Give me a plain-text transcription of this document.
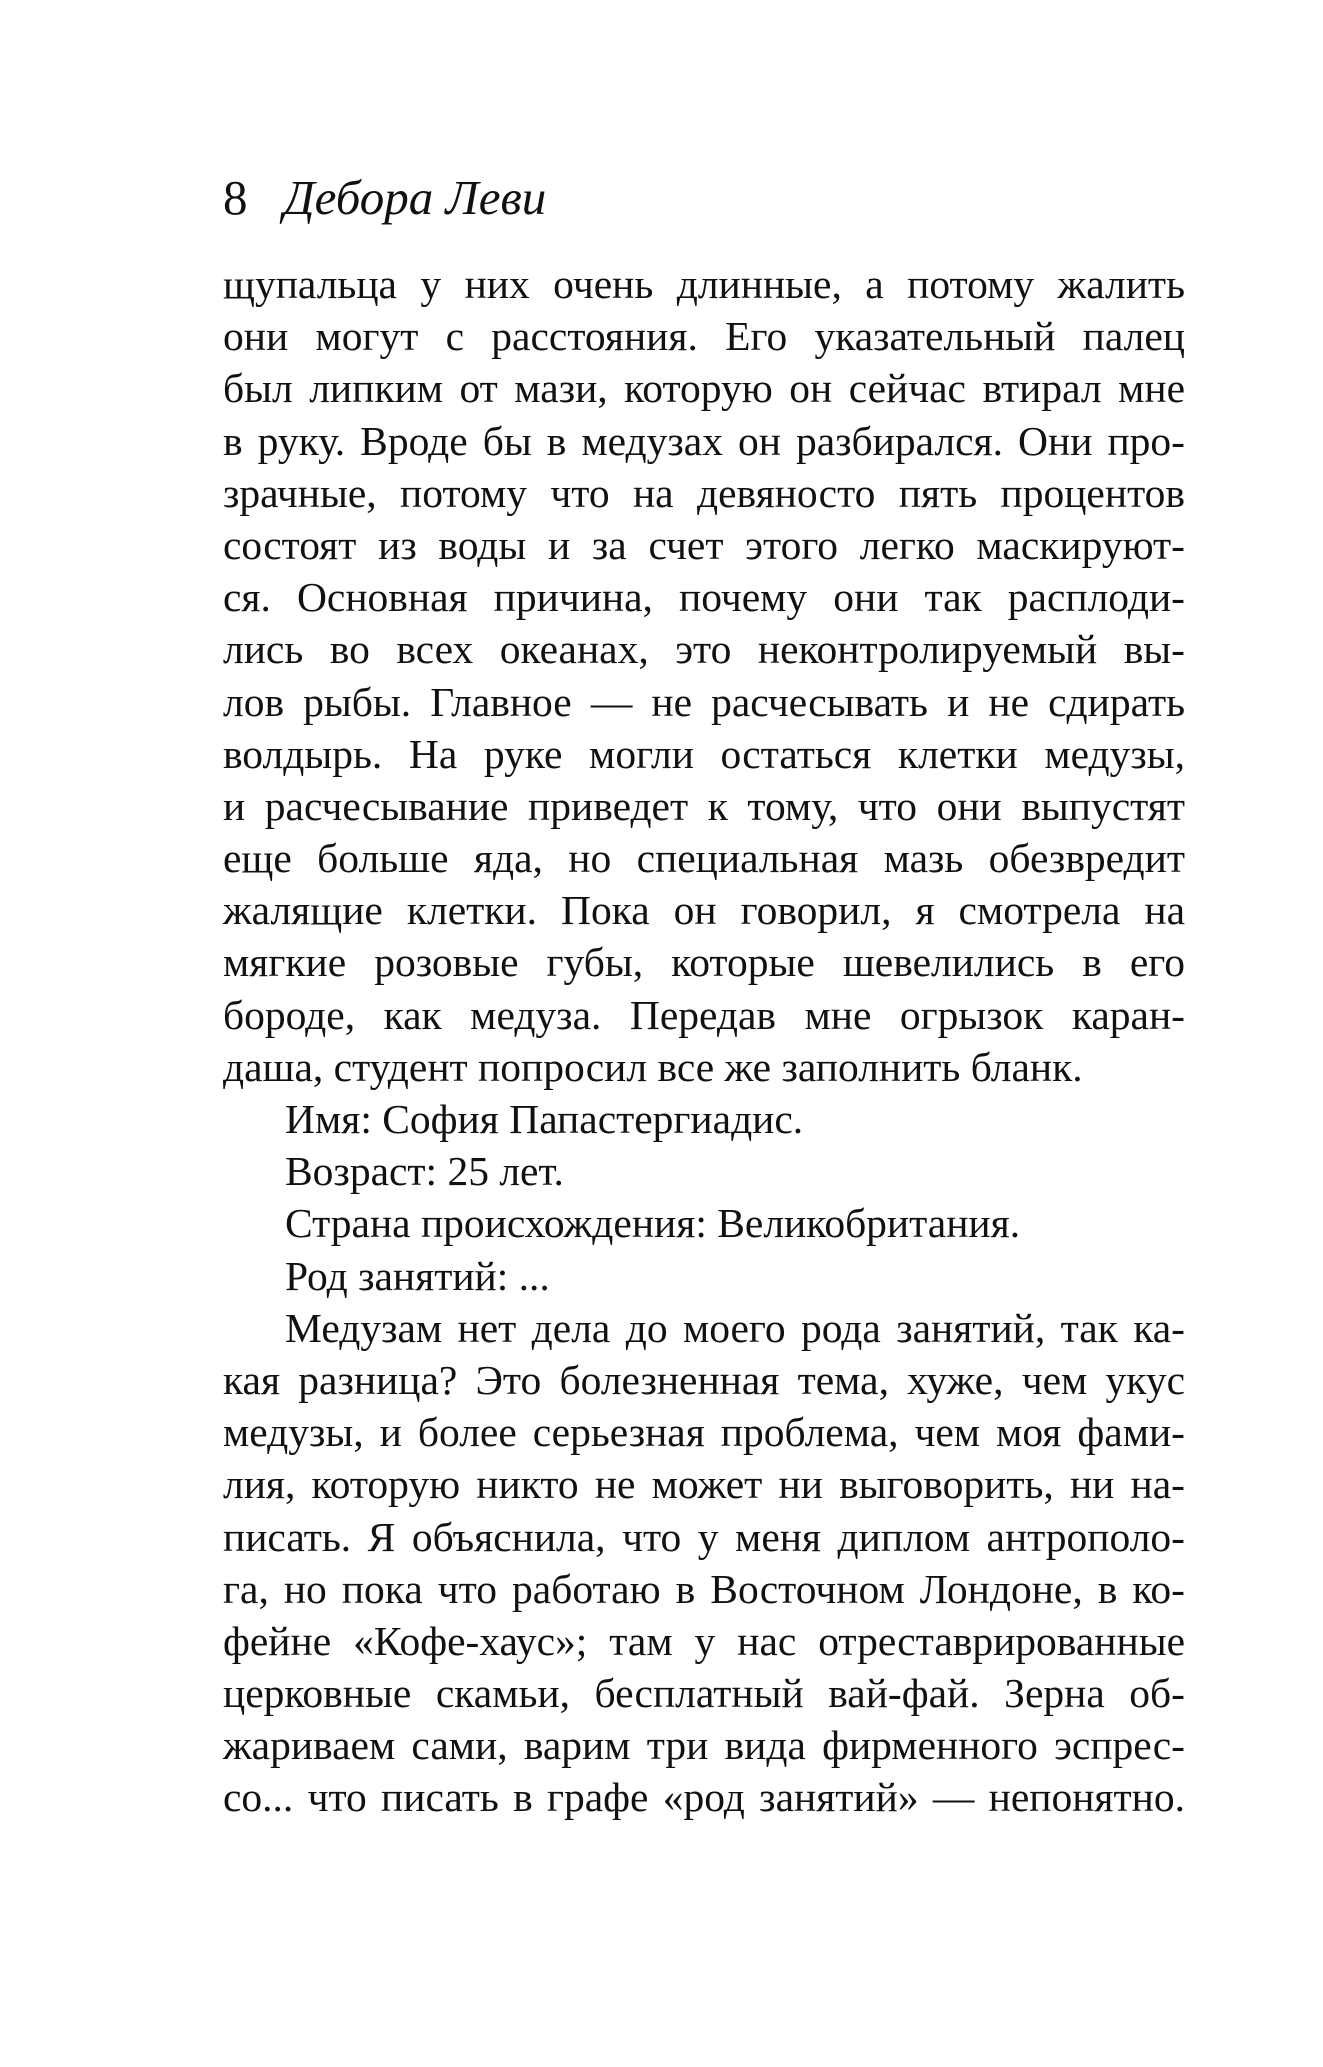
8 Дебора Леви
щупальца у них очень длинные, а потому жалить
они могут с расстояния. Его указательный палец
был липким от мази, которую он сейчас втирал мне
в руку. Вроде бы в медузах он разбирался. Они про-
зрачные, потому что на девяносто пять процентов
состоят из воды и за счет этого легко маскируют-
ся. Основная причина, почему они так расплоди-
лись во всех океанах, это неконтролируемый вы-
лов рыбы. Главное — не расчесывать и не сдирать
волдырь. На руке могли остаться клетки медузы,
и расчесывание приведет к тому, что они выпустят
еще больше яда, но специальная мазь обезвредит
жалящие клетки. Пока он говорил, я смотрела на
мягкие розовые губы, которые шевелились в его
бороде, как медуза. Передав мне огрызок каран-
даша, студент попросил все же заполнить бланк.
Имя: София Папастергиадис.
Возраст: 25 лет.
Страна происхождения: Великобритания.
Род занятий: ...
Медузам нет дела до моего рода занятий, так ка-
кая разница? Это болезненная тема, хуже, чем укус
медузы, и более серьезная проблема, чем моя фами-
лия, которую никто не может ни выговорить, ни на-
писать. Я объяснила, что у меня диплом антрополо-
га, но пока что работаю в Восточном Лондоне, в ко-
фейне «Кофе-хаус»; там у нас отреставрированные
церковные скамьи, бесплатный вай-фай. Зерна об-
жариваем сами, варим три вида фирменного эспрес-
со... что писать в графе «род занятий» — непонятно.
